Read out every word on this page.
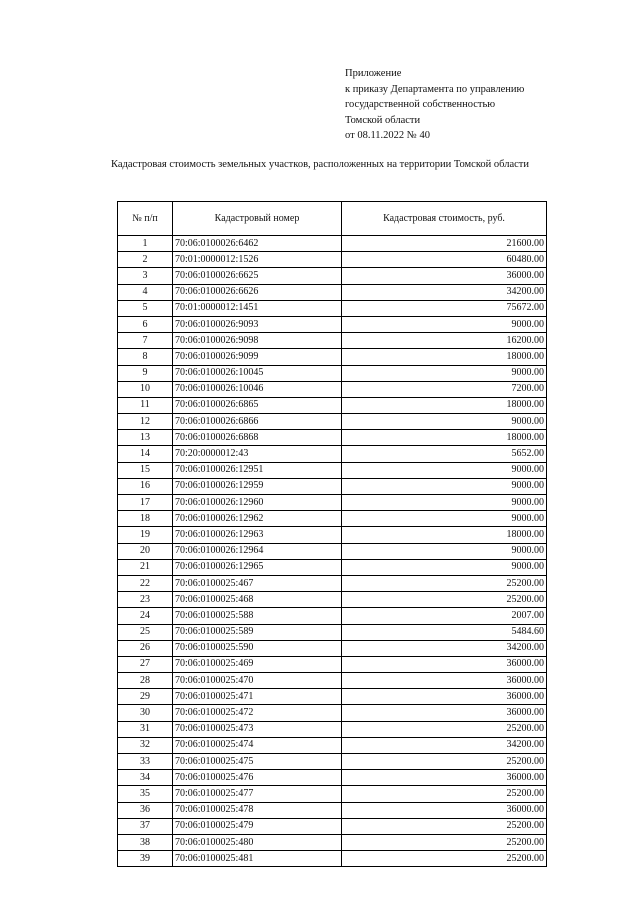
Приложение
к приказу Департамента по управлению
государственной собственностью
Томской области
от 08.11.2022 № 40
Кадастровая стоимость земельных участков, расположенных на территории Томской области
№ п/п	Кадастровый номер	Кадастровая стоимость, руб.
1	70:06:0100026:6462	21600.00
2	70:01:0000012:1526	60480.00
3	70:06:0100026:6625	36000.00
4	70:06:0100026:6626	34200.00
5	70:01:0000012:1451	75672.00
6	70:06:0100026:9093	9000.00
7	70:06:0100026:9098	16200.00
8	70:06:0100026:9099	18000.00
9	70:06:0100026:10045	9000.00
10	70:06:0100026:10046	7200.00
11	70:06:0100026:6865	18000.00
12	70:06:0100026:6866	9000.00
13	70:06:0100026:6868	18000.00
14	70:20:0000012:43	5652.00
15	70:06:0100026:12951	9000.00
16	70:06:0100026:12959	9000.00
17	70:06:0100026:12960	9000.00
18	70:06:0100026:12962	9000.00
19	70:06:0100026:12963	18000.00
20	70:06:0100026:12964	9000.00
21	70:06:0100026:12965	9000.00
22	70:06:0100025:467	25200.00
23	70:06:0100025:468	25200.00
24	70:06:0100025:588	2007.00
25	70:06:0100025:589	5484.60
26	70:06:0100025:590	34200.00
27	70:06:0100025:469	36000.00
28	70:06:0100025:470	36000.00
29	70:06:0100025:471	36000.00
30	70:06:0100025:472	36000.00
31	70:06:0100025:473	25200.00
32	70:06:0100025:474	34200.00
33	70:06:0100025:475	25200.00
34	70:06:0100025:476	36000.00
35	70:06:0100025:477	25200.00
36	70:06:0100025:478	36000.00
37	70:06:0100025:479	25200.00
38	70:06:0100025:480	25200.00
39	70:06:0100025:481	25200.00
